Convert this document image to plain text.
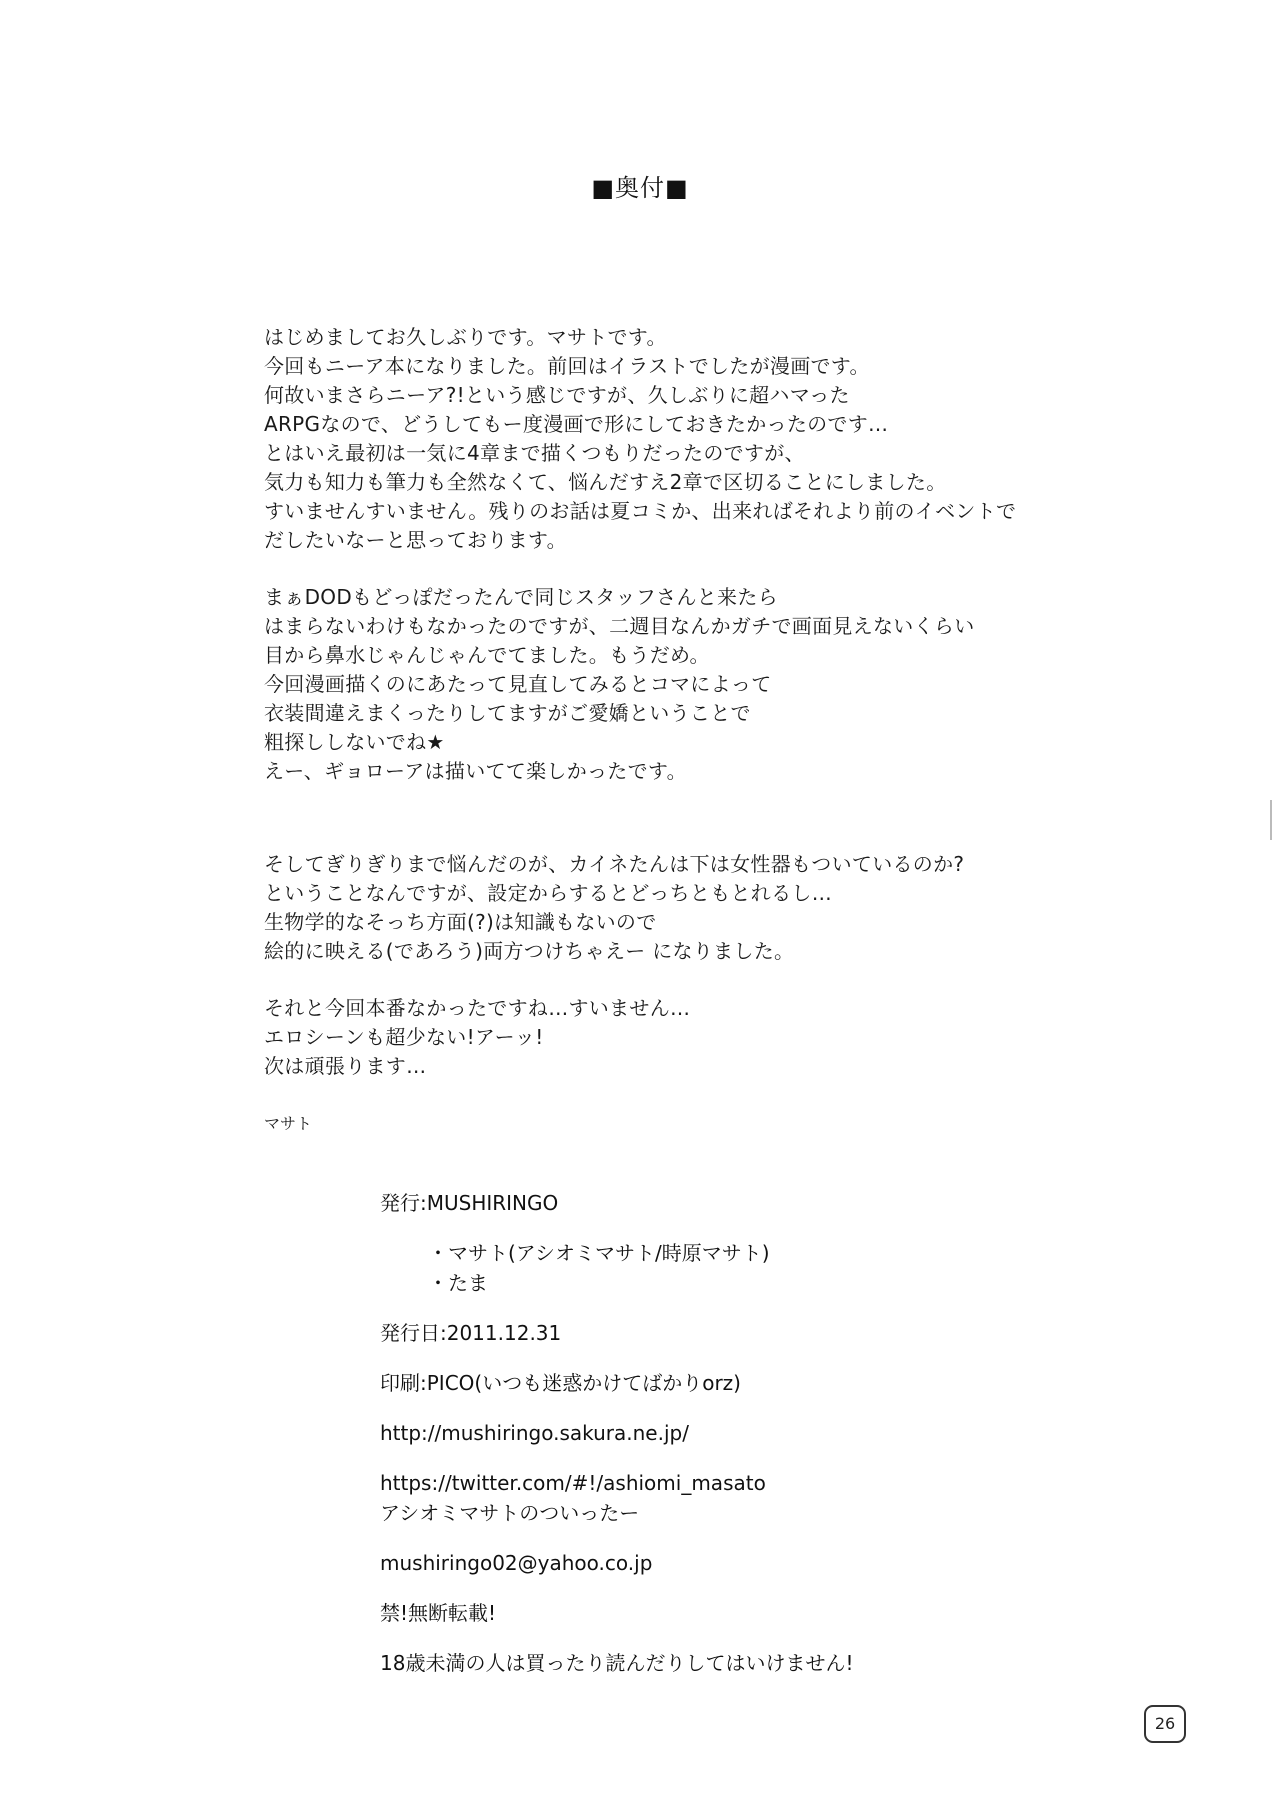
■奥付■
はじめましてお久しぶりです。マサトです。
今回もニーア本になりました。前回はイラストでしたが漫画です。
何故いまさらニーア?!という感じですが、久しぶりに超ハマった
ARPGなので、どうしてもー度漫画で形にしておきたかったのです…
とはいえ最初は一気に4章まで描くつもりだったのですが、
気力も知力も筆力も全然なくて、悩んだすえ2章で区切ることにしました。
すいませんすいません。残りのお話は夏コミか、出来ればそれより前のイベントで
だしたいなーと思っております。
まぁDODもどっぽだったんで同じスタッフさんと来たら
はまらないわけもなかったのですが、二週目なんかガチで画面見えないくらい
目から鼻水じゃんじゃんでてました。もうだめ。
今回漫画描くのにあたって見直してみるとコマによって
衣装間違えまくったりしてますがご愛嬌ということで
粗探ししないでね★
えー、ギョローアは描いてて楽しかったです。
そしてぎりぎりまで悩んだのが、カイネたんは下は女性器もついているのか?
ということなんですが、設定からするとどっちともとれるし…
生物学的なそっち方面(?)は知識もないので
絵的に映える(であろう)両方つけちゃえー になりました。
それと今回本番なかったですね…すいません…
エロシーンも超少ない!アーッ!
次は頑張ります…
マサト
発行:MUSHIRINGO
・マサト(アシオミマサト/時原マサト)
・たま
発行日:2011.12.31
印刷:PICO(いつも迷惑かけてばかりorz)
http://mushiringo.sakura.ne.jp/
https://twitter.com/#!/ashiomi_masato
アシオミマサトのついったー
mushiringo02@yahoo.co.jp
禁!無断転載!
18歳未満の人は買ったり読んだりしてはいけません!
26
